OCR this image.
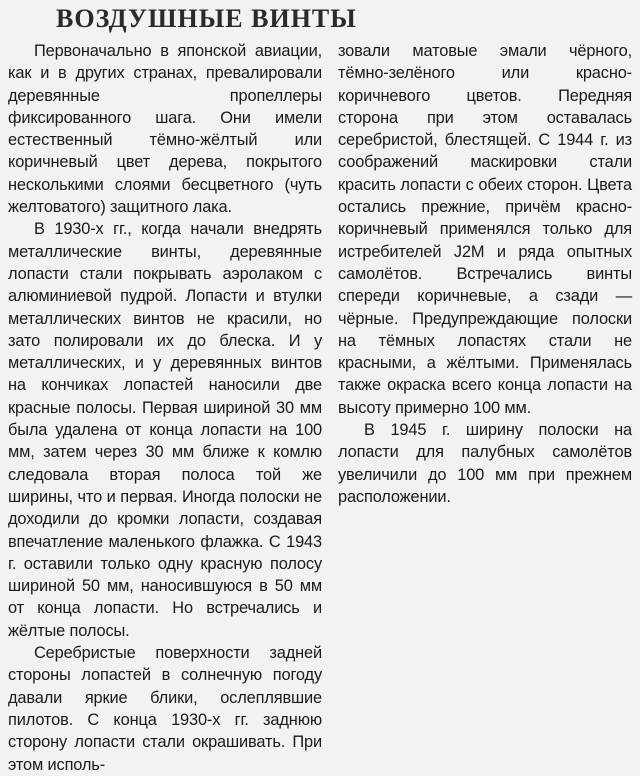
ВОЗДУШНЫЕ ВИНТЫ

Первоначально в японской авиации, как и в других странах, превалировали деревянные пропеллеры фиксированного шага. Они имели естественный тёмно-жёлтый или коричневый цвет дерева, покрытого несколькими слоями бесцветного (чуть желтоватого) защитного лака.

В 1930-х гг., когда начали внедрять металлические винты, деревянные лопасти стали покрывать аэролаком с алюминиевой пудрой. Лопасти и втулки металлических винтов не красили, но зато полировали их до блеска. И у металлических, и у деревянных винтов на кончиках лопастей наносили две красные полосы. Первая шириной 30 мм была удалена от конца лопасти на 100 мм, затем через 30 мм ближе к комлю следовала вторая полоса той же ширины, что и первая. Иногда полоски не доходили до кромки лопасти, создавая впечатление маленького флажка. С 1943 г. оставили только одну красную полосу шириной 50 мм, наносившуюся в 50 мм от конца лопасти. Но встречались и жёлтые полосы.

Серебристые поверхности задней стороны лопастей в солнечную погоду давали яркие блики, ослеплявшие пилотов. С конца 1930-х гг. заднюю сторону лопасти стали окрашивать. При этом исполь-

зовали матовые эмали чёрного, тёмно-зелёного или красно-коричневого цветов. Передняя сторона при этом оставалась серебристой, блестящей. С 1944 г. из соображений маскировки стали красить лопасти с обеих сторон. Цвета остались прежние, причём красно-коричневый применялся только для истребителей J2M и ряда опытных самолётов. Встречались винты спереди коричневые, а сзади — чёрные. Предупреждающие полоски на тёмных лопастях стали не красными, а жёлтыми. Применялась также окраска всего конца лопасти на высоту примерно 100 мм.

В 1945 г. ширину полоски на лопасти для палубных самолётов увеличили до 100 мм при прежнем расположении.
